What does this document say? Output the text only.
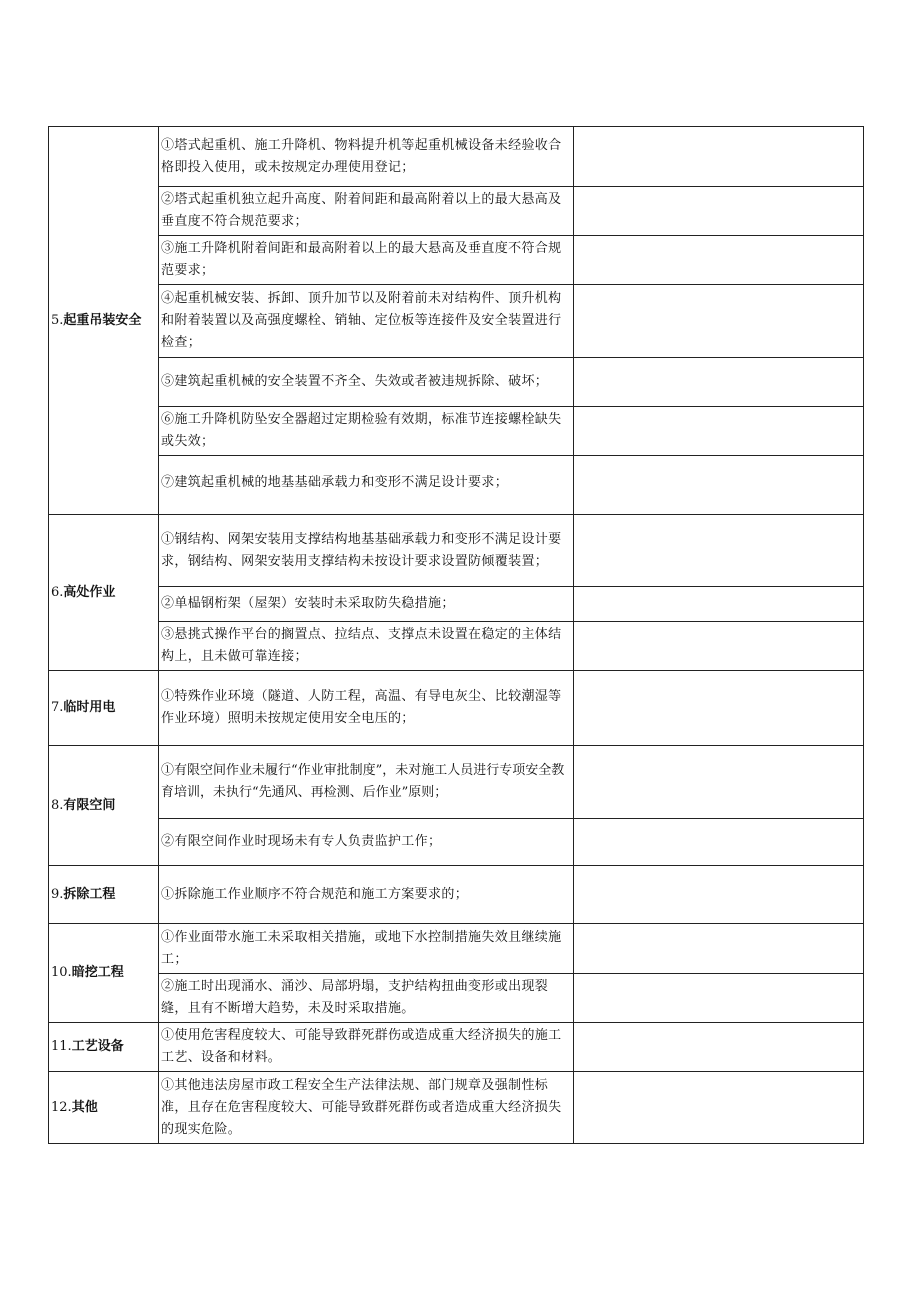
5.起重吊装安全	①塔式起重机、施工升降机、物料提升机等起重机械设备未经验收合格即投入使用，或未按规定办理使用登记；	
	②塔式起重机独立起升高度、附着间距和最高附着以上的最大悬高及垂直度不符合规范要求；	
	③施工升降机附着间距和最高附着以上的最大悬高及垂直度不符合规范要求；	
	④起重机械安装、拆卸、顶升加节以及附着前未对结构件、顶升机构和附着装置以及高强度螺栓、销轴、定位板等连接件及安全装置进行检查；	
	⑤建筑起重机械的安全装置不齐全、失效或者被违规拆除、破坏；	
	⑥施工升降机防坠安全器超过定期检验有效期，标准节连接螺栓缺失或失效；	
	⑦建筑起重机械的地基基础承载力和变形不满足设计要求；	
6.高处作业	①钢结构、网架安装用支撑结构地基基础承载力和变形不满足设计要求，钢结构、网架安装用支撑结构未按设计要求设置防倾覆装置；	
	②单榀钢桁架（屋架）安装时未采取防失稳措施；	
	③悬挑式操作平台的搁置点、拉结点、支撑点未设置在稳定的主体结构上，且未做可靠连接；	
7.临时用电	①特殊作业环境（隧道、人防工程，高温、有导电灰尘、比较潮湿等作业环境）照明未按规定使用安全电压的；	
8.有限空间	①有限空间作业未履行“作业审批制度”，未对施工人员进行专项安全教育培训，未执行“先通风、再检测、后作业”原则；	
	②有限空间作业时现场未有专人负责监护工作；	
9.拆除工程	①拆除施工作业顺序不符合规范和施工方案要求的；	
10.暗挖工程	①作业面带水施工未采取相关措施，或地下水控制措施失效且继续施工；	
	②施工时出现涌水、涌沙、局部坍塌，支护结构扭曲变形或出现裂缝，且有不断增大趋势，未及时采取措施。	
11.工艺设备	①使用危害程度较大、可能导致群死群伤或造成重大经济损失的施工工艺、设备和材料。	
12.其他	①其他违法房屋市政工程安全生产法律法规、部门规章及强制性标准，且存在危害程度较大、可能导致群死群伤或者造成重大经济损失的现实危险。	
